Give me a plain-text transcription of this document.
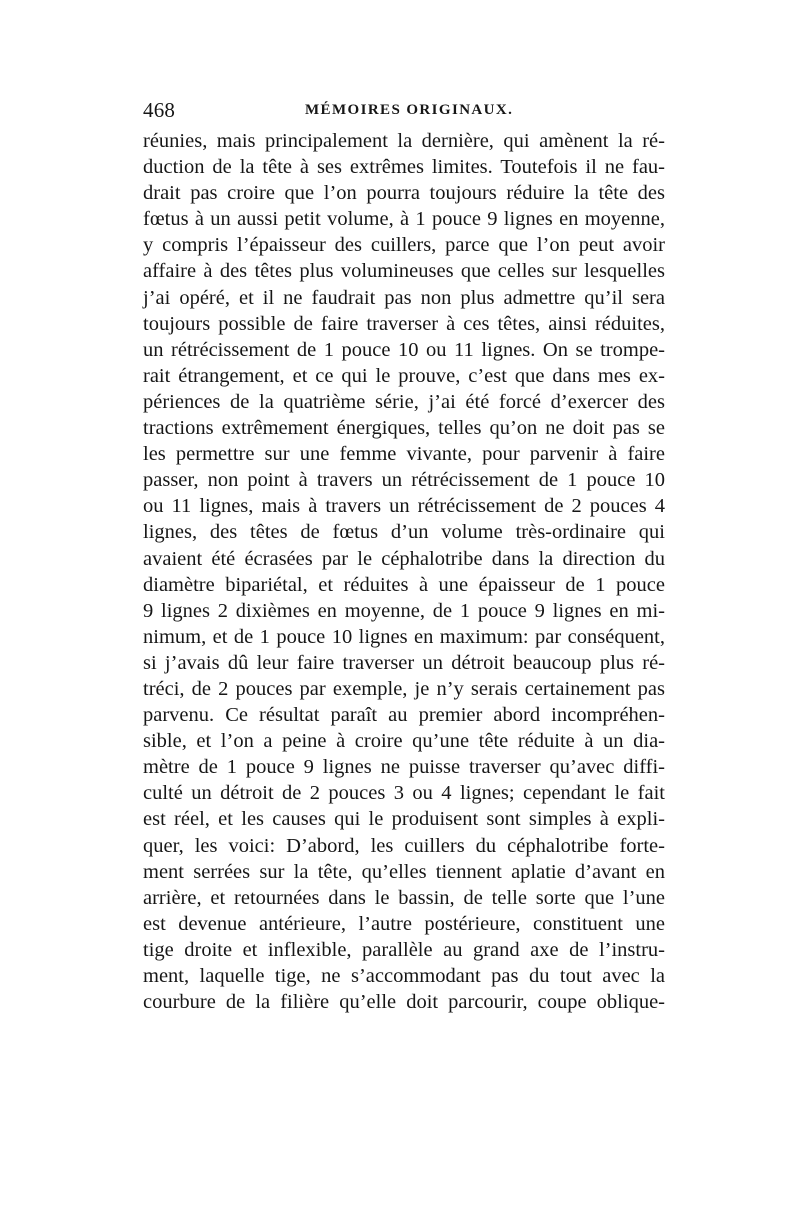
468	MÉMOIRES ORIGINAUX.
réunies, mais principalement la dernière, qui amènent la ré-
duction de la tête à ses extrêmes limites. Toutefois il ne fau-
drait pas croire que l’on pourra toujours réduire la tête des
fœtus à un aussi petit volume, à 1 pouce 9 lignes en moyenne,
y compris l’épaisseur des cuillers, parce que l’on peut avoir
affaire à des têtes plus volumineuses que celles sur lesquelles
j’ai opéré, et il ne faudrait pas non plus admettre qu’il sera
toujours possible de faire traverser à ces têtes, ainsi réduites,
un rétrécissement de 1 pouce 10 ou 11 lignes. On se trompe-
rait étrangement, et ce qui le prouve, c’est que dans mes ex-
périences de la quatrième série, j’ai été forcé d’exercer des
tractions extrêmement énergiques, telles qu’on ne doit pas se
les permettre sur une femme vivante, pour parvenir à faire
passer, non point à travers un rétrécissement de 1 pouce 10
ou 11 lignes, mais à travers un rétrécissement de 2 pouces 4
lignes, des têtes de fœtus d’un volume très-ordinaire qui
avaient été écrasées par le céphalotribe dans la direction du
diamètre bipariétal, et réduites à une épaisseur de 1 pouce
9 lignes 2 dixièmes en moyenne, de 1 pouce 9 lignes en mi-
nimum, et de 1 pouce 10 lignes en maximum: par conséquent,
si j’avais dû leur faire traverser un détroit beaucoup plus ré-
tréci, de 2 pouces par exemple, je n’y serais certainement pas
parvenu. Ce résultat paraît au premier abord incompréhen-
sible, et l’on a peine à croire qu’une tête réduite à un dia-
mètre de 1 pouce 9 lignes ne puisse traverser qu’avec diffi-
culté un détroit de 2 pouces 3 ou 4 lignes; cependant le fait
est réel, et les causes qui le produisent sont simples à expli-
quer, les voici: D’abord, les cuillers du céphalotribe forte-
ment serrées sur la tête, qu’elles tiennent aplatie d’avant en
arrière, et retournées dans le bassin, de telle sorte que l’une
est devenue antérieure, l’autre postérieure, constituent une
tige droite et inflexible, parallèle au grand axe de l’instru-
ment, laquelle tige, ne s’accommodant pas du tout avec la
courbure de la filière qu’elle doit parcourir, coupe oblique-
